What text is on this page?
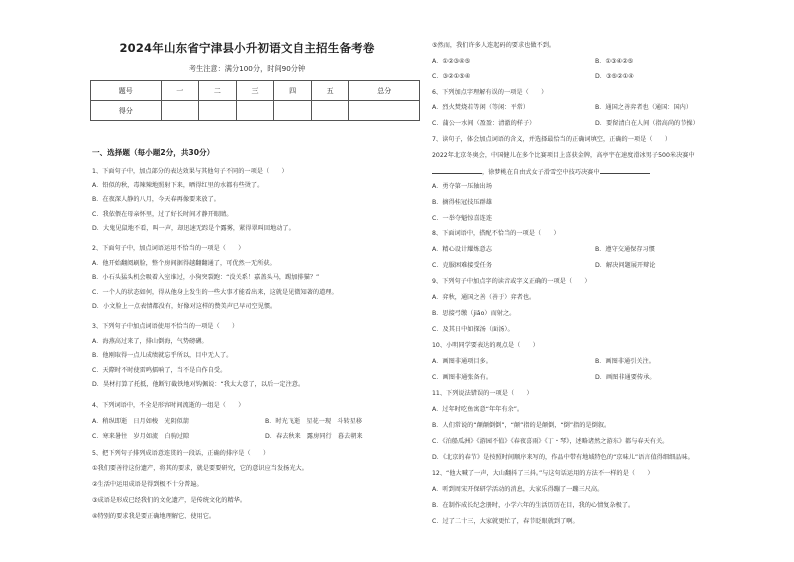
2024年山东省宁津县小升初语文自主招生备考卷
考生注意：满分100分，时间90分钟
题号	一	二	三	四	五	总分
得分						
一、选择题（每小题2分，共30分）
1、下面句子中，加点部分的表达效果与其他句子不同的一项是（　　）
A．铅似的秋，毒辣辣地照射下来，晒得红里的水都有些烫了。
B．在夜深人静的八月，今天春再像要来放了。
C．我依偎在母亲怀里，过了好长时间才静开眼睛。
D．大鬼见鼠地不看，叫一声，却迅速无踪是个露雾，紧得翠叫回地动了。
2、下面句子中，加点词语运用不恰当的一项是（　　）
A．他开始翻阅刷脸，整个房间据得越翻翻通了，可优然一无所获。
B．小石头猛头机会吸着入室谁过，小狗突裂跑：“没关系！嘉盖头马，踢加排猫？”
C．一个人的状态如何，得从他身上发生的一些大事才能看出来，这就是见微知著的道理。
D．小文脸上一点表情都没有，好像对这样的赞美声已早司空见惯。
3、下列句子中加点词语使用不恰当的一项是（　　）
A．海燕高过来了，排山倒海，气势磅礴。
B．他刚取得一点儿成绩就忘乎所以，目中无人了。
C．天際时不时使雷鸣擂响了，当不是自作自受。
D．昊材打算了托抵，他断钉截铁地对钩佩说：“我太大意了，以后一定注意。
4、下列词语中，不全是形容时间流逝的一组是（　　）
A．稍纵即逝　日月如梭　光阴似箭	B．时光飞逝　星花一现　斗转星移
C．寒来暑往　岁月如流　白驹过隙	D．春去秋来　露房同行　暮去朝来
5、把下列句子排列成语意连贯的一段话，正确的排序是（　　）
①我们要善待这份遗产，将其的要求，就是要要研究，它的意识应当发扬光大。
②生活中运用成语是得到极不十分普遍。
③成语是形成已经我们的文化遗产，是传统文化的精华。
④特别的要求我是要正确地理解它、使用它。
⑤然而，我们许多人连起码的要求也做不到。
A．①②③④⑤	B．①③④②⑤
C．③②①⑤④	D．③⑤②①④
6、下列加点字理解有误的一项是（　　）
A．烈火焚烧若等闲（等闲：平常）	B．通国之善弈者也（通国：国内）
C．蒲公一水间（盈盈：清澈的样子）	D．要留清白在人间（指高尚的节操）
7、读句子，体会加点词语的含义，并选择最恰当的正确词填空，正确的一项是（　　）
2022年北京冬奥会，中国健儿在多个比赛项目上喜获金牌，高亭宇在速度滑冰男子500米决赛中
，徐梦桃在自由式女子滑雪空中技巧决赛中
A．勇夺第一压轴出场
B．摘得桂冠技压群雄
C．一举夺魁惊喜连连
8、下面词语中，搭配不恰当的一项是（　　）
A．精心设计耀炼意志	B．遵守交通保存习惯
C．克服困难接受任务	D．解决问题展开辩论
9、下列句子中加点字的读音或字义正确的一项是（　　）
A．弈秋，通国之善（善于）弈者也。
B．思接弓缴（jiǎo）而射之。
C．及其日中如探汤（面汤）。
10、小明同学要表达的观点是（　　）
A．画图非通项目多。	B．画图非通引关注。
C．画图非通张备有。	D．画图非通要传承。
11、下列说法错误的一项是（　　）
A．过年时吃鱼寓意“年年有余”。
B．人们常说的“颠颠倒倒”，“颠”指的是颠倒，“倒”指的是倒叙。
C．《泊船瓜洲》《游园不值》《春夜喜雨》《丁・琴》，述略诸然之游东》都与春天有关。
D．《北京的春节》是按照时间顺序来写的，作品中带有地域特色的“京味儿”语言值得细细品味。
12、“他大喊了一声，大山翻抖了三抖。”与这句话运用的方法不一样的是（　　）
A．听到周宋开保研学活动的消息，大家乐得蹦了一蹦三尺高。
B．在制作成长纪念册时，小学六年的生活历历在目，我的心情复杂极了。
C．过了二十三，大家就更忙了，春节眨眼就到了啊。
